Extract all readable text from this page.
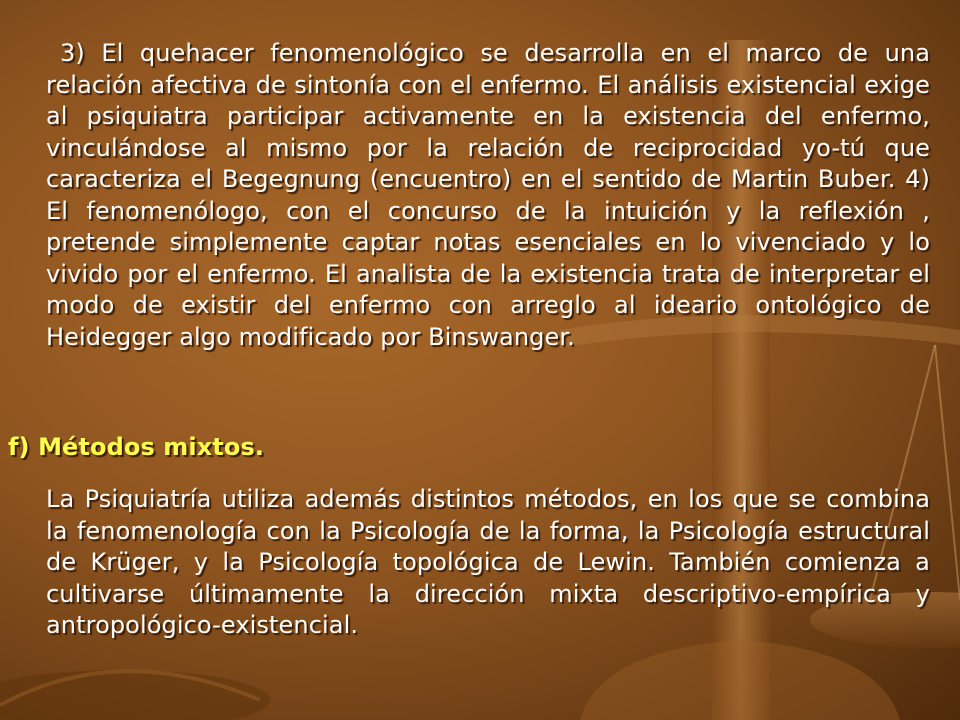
3) El quehacer fenomenológico se desarrolla en el marco de una relación afectiva de sintonía con el enfermo. El análisis existencial exige al psiquiatra participar activamente en la existencia del enfermo, vinculándose al mismo por la relación de reciprocidad yo-tú que caracteriza el Begegnung (encuentro) en el sentido de Martin Buber. 4) El fenomenólogo, con el concurso de la intuición y la reflexión , pretende simplemente captar notas esenciales en lo vivenciado y lo vivido por el enfermo. El analista de la existencia trata de interpretar el modo de existir del enfermo con arreglo al ideario ontológico de Heidegger algo modificado por Binswanger.
f) Métodos mixtos.
La Psiquiatría utiliza además distintos métodos, en los que se combina la fenomenología con la Psicología de la forma, la Psicología estructural de Krüger, y la Psicología topológica de Lewin. También comienza a cultivarse últimamente la dirección mixta descriptivo-empírica y antropológico-existencial.
